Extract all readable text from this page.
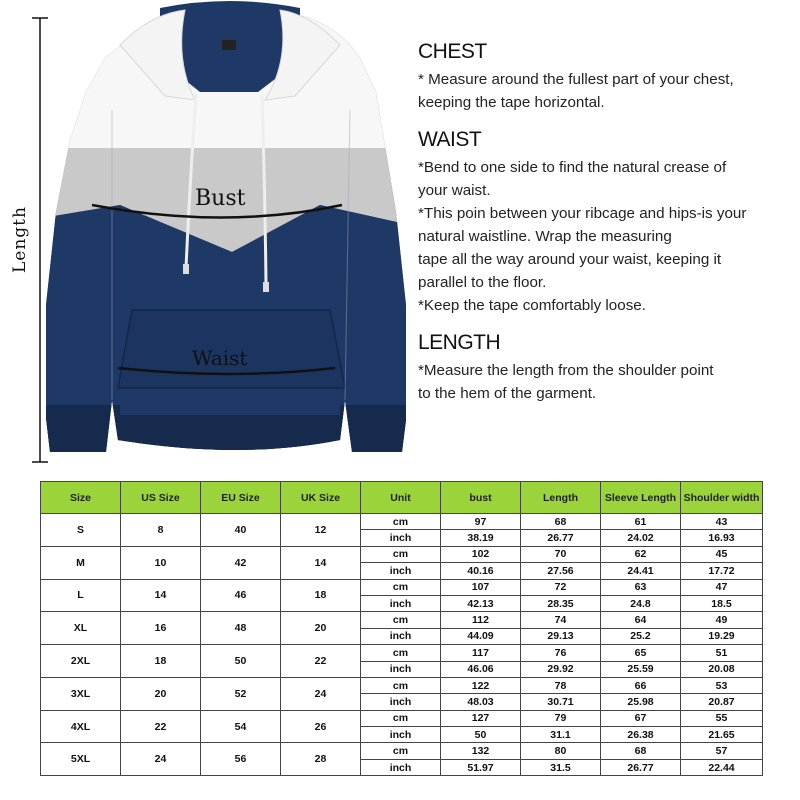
Length
Bust
Waist
CHEST
* Measure around the fullest part of your chest,
keeping the tape horizontal.
WAIST
*Bend to one side to find the natural crease of
your waist.
*This poin between your ribcage and hips-is your
natural waistline. Wrap the measuring
tape all the way around your waist, keeping it
parallel to the floor.
*Keep the tape comfortably loose.
LENGTH
*Measure the length from the shoulder point
to the hem of the garment.
Size	US Size	EU Size	UK Size	Unit	bust	Length	Sleeve Length	Shoulder width
S	8	40	12	cm	97	68	61	43
				inch	38.19	26.77	24.02	16.93
M	10	42	14	cm	102	70	62	45
				inch	40.16	27.56	24.41	17.72
L	14	46	18	cm	107	72	63	47
				inch	42.13	28.35	24.8	18.5
XL	16	48	20	cm	112	74	64	49
				inch	44.09	29.13	25.2	19.29
2XL	18	50	22	cm	117	76	65	51
				inch	46.06	29.92	25.59	20.08
3XL	20	52	24	cm	122	78	66	53
				inch	48.03	30.71	25.98	20.87
4XL	22	54	26	cm	127	79	67	55
				inch	50	31.1	26.38	21.65
5XL	24	56	28	cm	132	80	68	57
				inch	51.97	31.5	26.77	22.44
